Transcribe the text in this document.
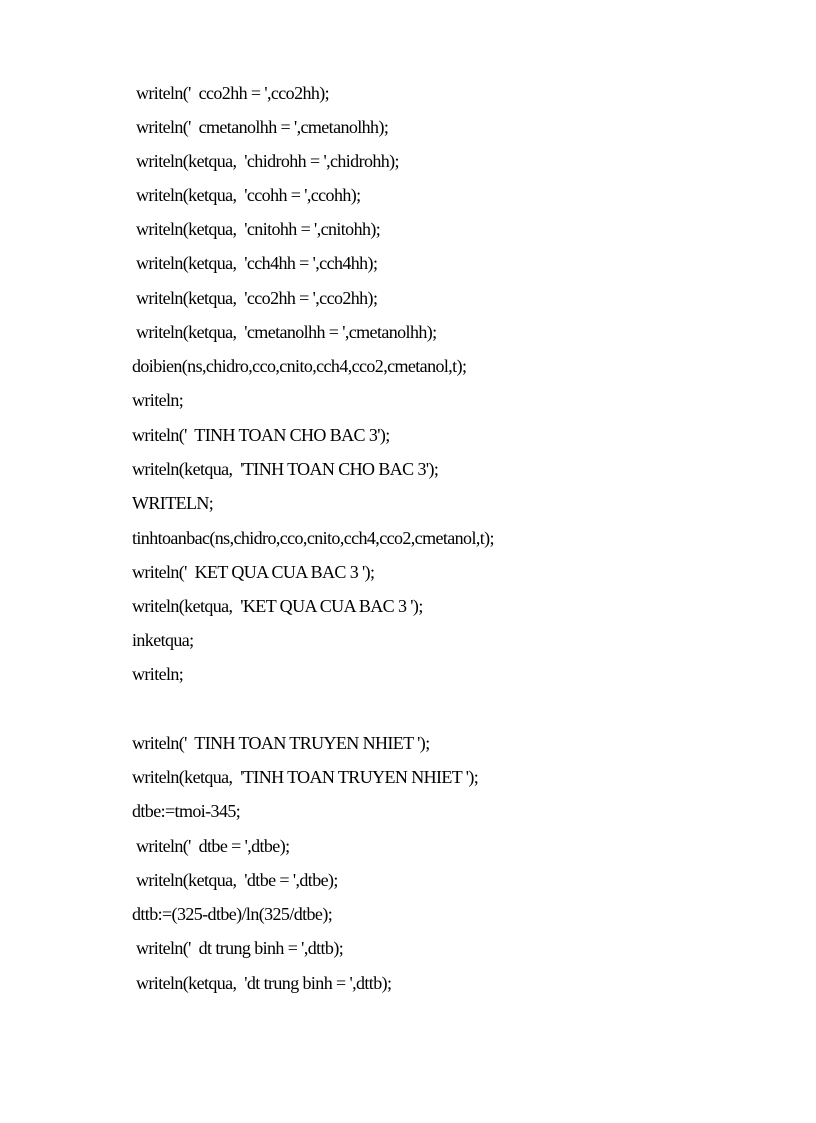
writeln('  cco2hh = ',cco2hh);

writeln('  cmetanolhh = ',cmetanolhh);

writeln(ketqua,  'chidrohh = ',chidrohh);

writeln(ketqua,  'ccohh = ',ccohh);

writeln(ketqua,  'cnitohh = ',cnitohh);

writeln(ketqua,  'cch4hh = ',cch4hh);

writeln(ketqua,  'cco2hh = ',cco2hh);

writeln(ketqua,  'cmetanolhh = ',cmetanolhh);

doibien(ns,chidro,cco,cnito,cch4,cco2,cmetanol,t);

writeln;

writeln('  TINH TOAN CHO BAC 3');

writeln(ketqua,  'TINH TOAN CHO BAC 3');

WRITELN;

tinhtoanbac(ns,chidro,cco,cnito,cch4,cco2,cmetanol,t);

writeln('  KET QUA CUA BAC 3 ');

writeln(ketqua,  'KET QUA CUA BAC 3 ');

inketqua;

writeln;

writeln('  TINH TOAN TRUYEN NHIET ');

writeln(ketqua,  'TINH TOAN TRUYEN NHIET ');

dtbe:=tmoi-345;

writeln('  dtbe = ',dtbe);

writeln(ketqua,  'dtbe = ',dtbe);

dttb:=(325-dtbe)/ln(325/dtbe);

writeln('  dt trung binh = ',dttb);

writeln(ketqua,  'dt trung binh = ',dttb);
